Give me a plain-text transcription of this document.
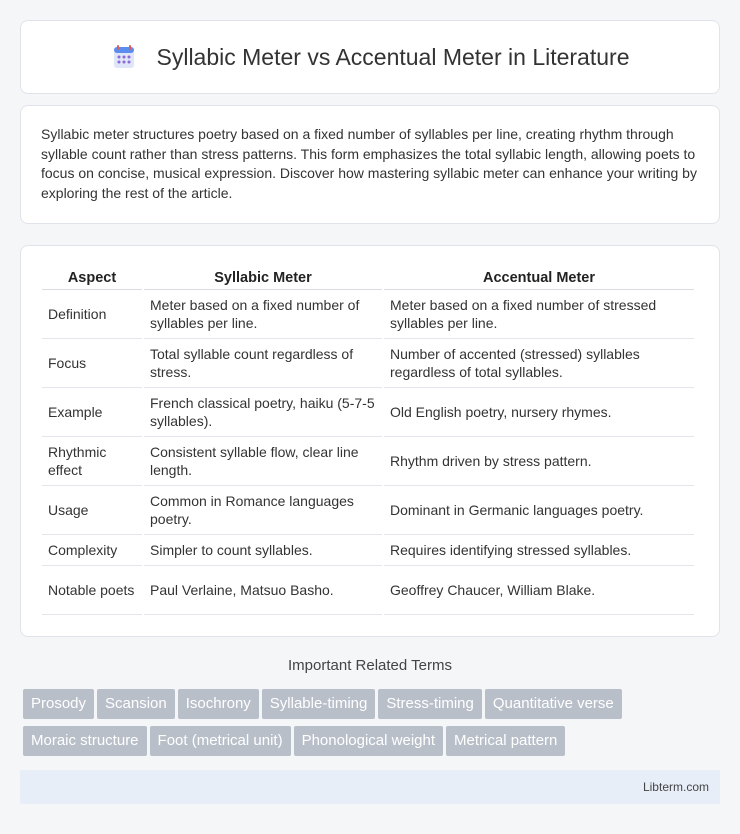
Syllabic Meter vs Accentual Meter in Literature

Syllabic meter structures poetry based on a fixed number of syllables per line, creating rhythm through syllable count rather than stress patterns. This form emphasizes the total syllabic length, allowing poets to focus on concise, musical expression. Discover how mastering syllabic meter can enhance your writing by exploring the rest of the article.

Aspect	Syllabic Meter	Accentual Meter
Definition	Meter based on a fixed number of syllables per line.	Meter based on a fixed number of stressed syllables per line.
Focus	Total syllable count regardless of stress.	Number of accented (stressed) syllables regardless of total syllables.
Example	French classical poetry, haiku (5-7-5 syllables).	Old English poetry, nursery rhymes.
Rhythmic effect	Consistent syllable flow, clear line length.	Rhythm driven by stress pattern.
Usage	Common in Romance languages poetry.	Dominant in Germanic languages poetry.
Complexity	Simpler to count syllables.	Requires identifying stressed syllables.
Notable poets	Paul Verlaine, Matsuo Basho.	Geoffrey Chaucer, William Blake.
Important Related Terms
Prosody Scansion Isochrony Syllable-timing Stress-timing Quantitative verse
Moraic structure Foot (metrical unit) Phonological weight Metrical pattern
Libterm.com
